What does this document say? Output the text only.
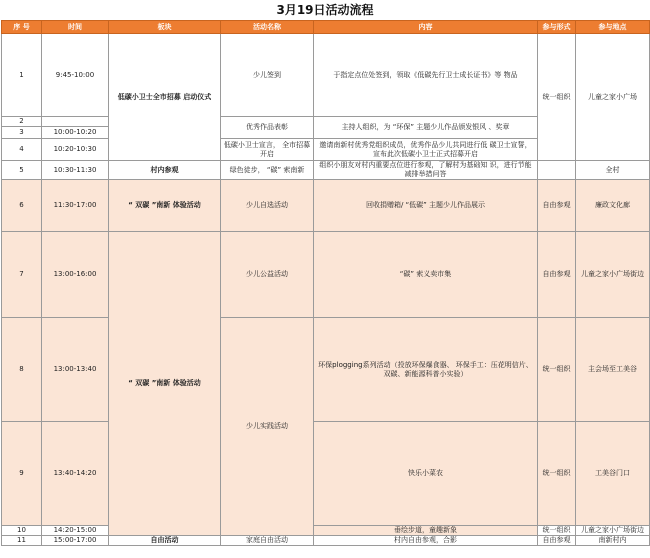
3月19日活动流程
序 号	时间	板块	活动名称	内容	参与形式	参与地点
1	9:45-10:00	低碳小卫士全市招募 启动仪式	少儿签到	于指定点位处签到，领取《低碳先行卫士成长证书》等 物品	统一组织	儿童之家小广场
2			优秀作品表彰	主持人组织，为 “环保” 主题少儿作品颁发银风 、奖章		
3	10:00-10:20					
4	10:20-10:30		低碳小卫士宣言， 全市招募开启	邀请南新村优秀党组织成员，优秀作品少儿共同进行低 碳卫士宣誓，宣布此次低碳小卫士正式招募开启		
5	10:30-11:30	村内参观	绿色徒步， “碳” 索南新	组织小朋友对村内重要点位进行参观，了解村为基础知 识，进行节能减排举措问答		全村
6	11:30-17:00	“ 双碳 ”南新 体验活动	少儿自选活动	回收捐赠箱/ “低碳” 主题少儿作品展示	自由参观	廉政文化廊
7	13:00-16:00	“ 双碳 ”南新 体验活动	少儿公益活动	“碳” 索义卖市集	自由参观	儿童之家小广场街边
8	13:00-13:40		少儿实践活动	环保plogging系列活动（投放环保爆食器、 环保手工：压花明信片、双碳、新能源科普小实验）	统一组织	主会场至工美谷
9	13:40-14:20			快乐小菜农	统一组织	工美谷门口
10	14:20-15:00			垂绘步道，童趣新象	统一组织	儿童之家小广场街边
11	15:00-17:00	自由活动	家庭自由活动	村内自由参观，合影	自由参观	南新村内
